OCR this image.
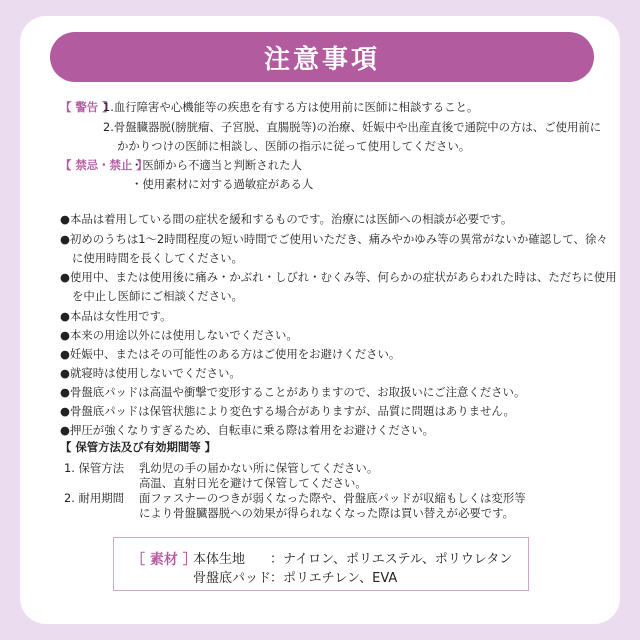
注意事項
【 警告 】
1.血行障害や心機能等の疾患を有する方は使用前に医師に相談すること。
2.骨盤臓器脱(膀胱瘤、子宮脱、直腸脱等)の治療、妊娠中や出産直後で通院中の方は、ご使用前に
かかりつけの医師に相談し、医師の指示に従って使用してください。
【 禁忌・禁止 】
・医師から不適当と判断された人
・使用素材に対する過敏症がある人
●本品は着用している間の症状を緩和するものです。治療には医師への相談が必要です。
●初めのうちは1～2時間程度の短い時間でご使用いただき、痛みやかゆみ等の異常がないか確認して、徐々
に使用時間を長くしてください。
●使用中、または使用後に痛み・かぶれ・しびれ・むくみ等、何らかの症状があらわれた時は、ただちに使用
を中止し医師にご相談ください。
●本品は女性用です。
●本来の用途以外には使用しないでください。
●妊娠中、またはその可能性のある方はご使用をお避けください。
●就寝時は使用しないでください。
●骨盤底パッドは高温や衝撃で変形することがありますので、お取扱いにご注意ください。
●骨盤底パッドは保管状態により変色する場合がありますが、品質に問題はありません。
●押圧が強くなりすぎるため、自転車に乗る際は着用をお避けください。
【 保管方法及び有効期間等 】
1. 保管方法 乳幼児の手の届かない所に保管してください。
高温、直射日光を避けて保管してください。
2. 耐用期間 面ファスナーのつきが弱くなった際や、骨盤底パッドが収縮もしくは変形等
により骨盤臓器脱への効果が得られなくなった際は買い替えが必要です。
［ 素材 ］
本体生地 ：ナイロン、ポリエステル、ポリウレタン
骨盤底パッド
：ポリエチレン、EVA
